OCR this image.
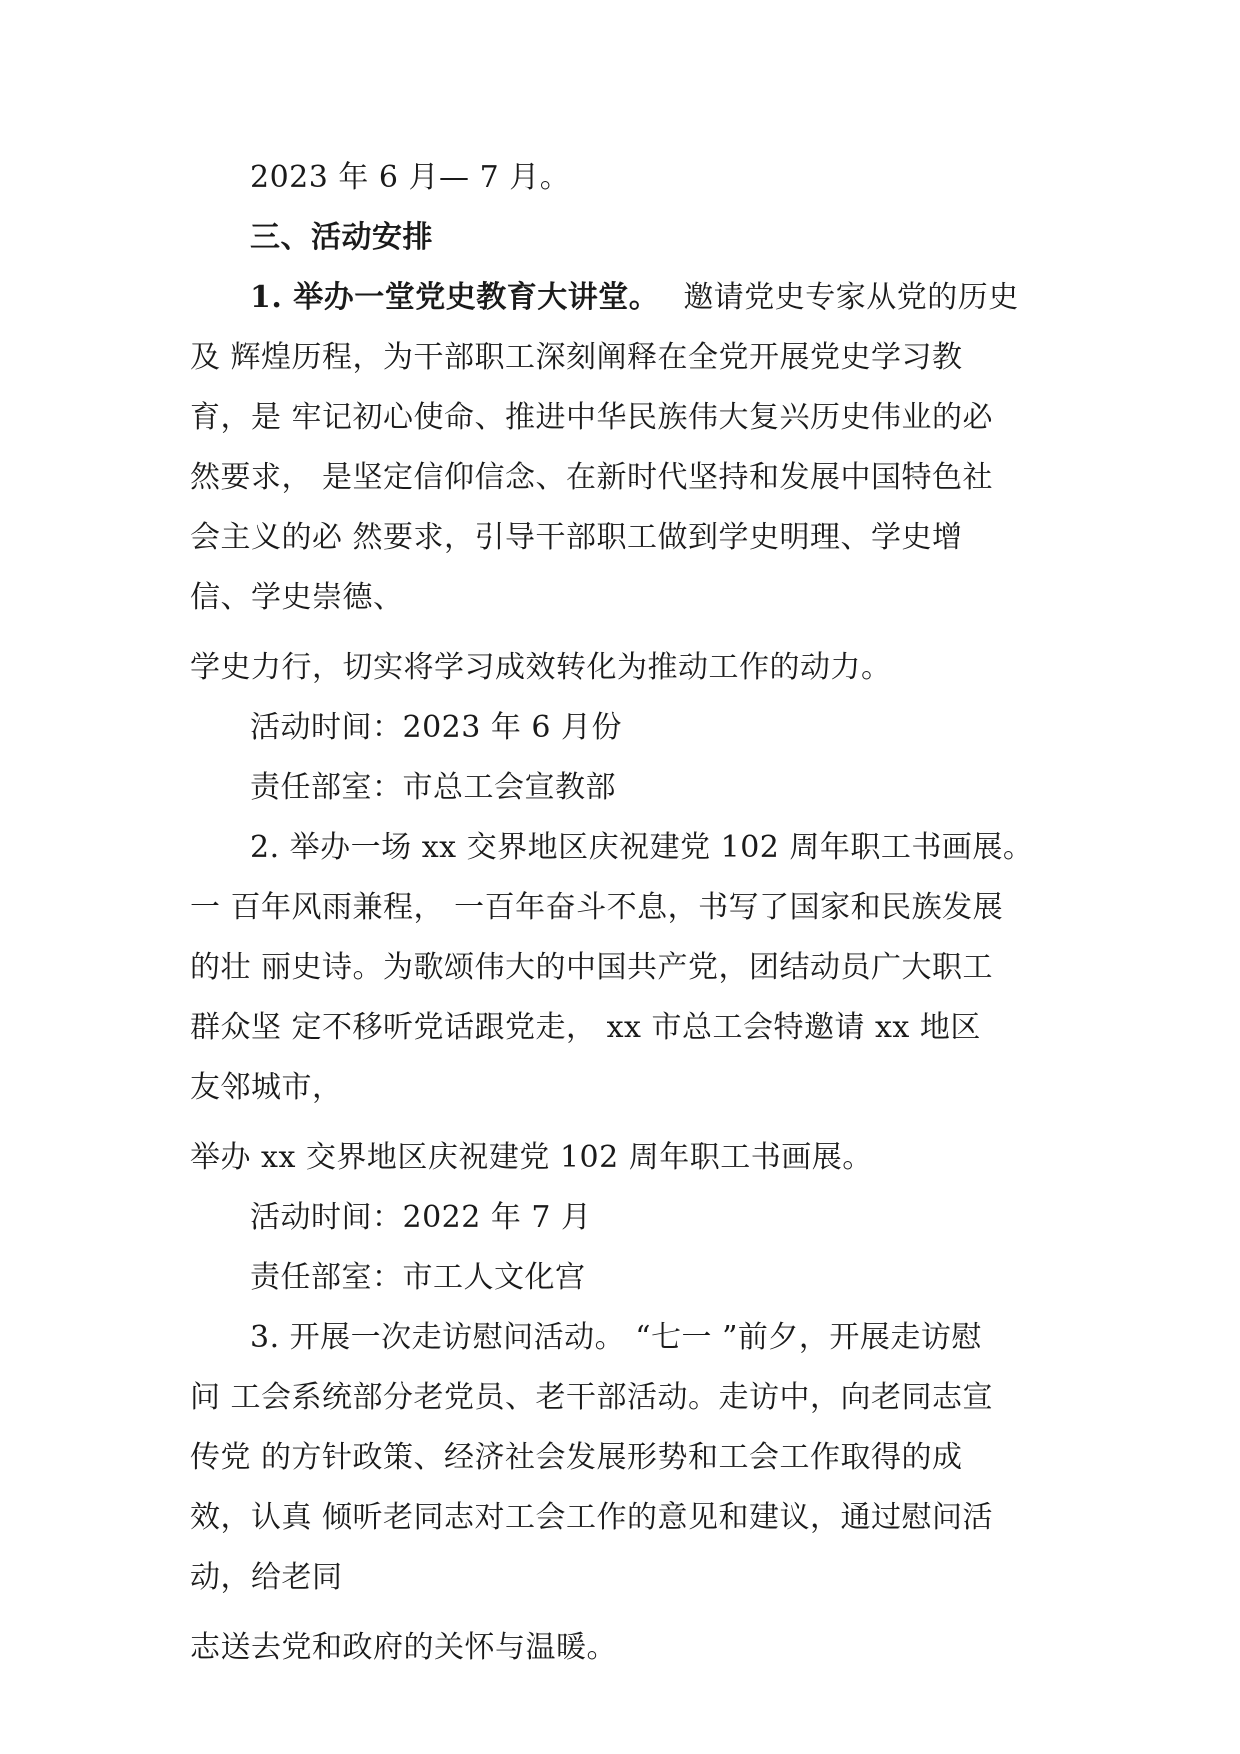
2023 年 6 月— 7 月。
三、活动安排
1. 举办一堂党史教育大讲堂。 邀请党史专家从党的历史
及 辉煌历程，为干部职工深刻阐释在全党开展党史学习教
育，是 牢记初心使命、推进中华民族伟大复兴历史伟业的必
然要求， 是坚定信仰信念、在新时代坚持和发展中国特色社
会主义的必 然要求，引导干部职工做到学史明理、学史增
信、学史崇德、
学史力行，切实将学习成效转化为推动工作的动力。
活动时间：2023 年 6 月份
责任部室：市总工会宣教部
2. 举办一场 xx 交界地区庆祝建党 102 周年职工书画展。
一 百年风雨兼程， 一百年奋斗不息，书写了国家和民族发展
的壮 丽史诗。为歌颂伟大的中国共产党，团结动员广大职工
群众坚 定不移听党话跟党走， xx 市总工会特邀请 xx 地区
友邻城市，
举办 xx 交界地区庆祝建党 102 周年职工书画展。
活动时间：2022 年 7 月
责任部室：市工人文化宫
3. 开展一次走访慰问活动。 “七一 ”前夕，开展走访慰
问 工会系统部分老党员、老干部活动。走访中，向老同志宣
传党 的方针政策、经济社会发展形势和工会工作取得的成
效，认真 倾听老同志对工会工作的意见和建议，通过慰问活
动，给老同
志送去党和政府的关怀与温暖。
